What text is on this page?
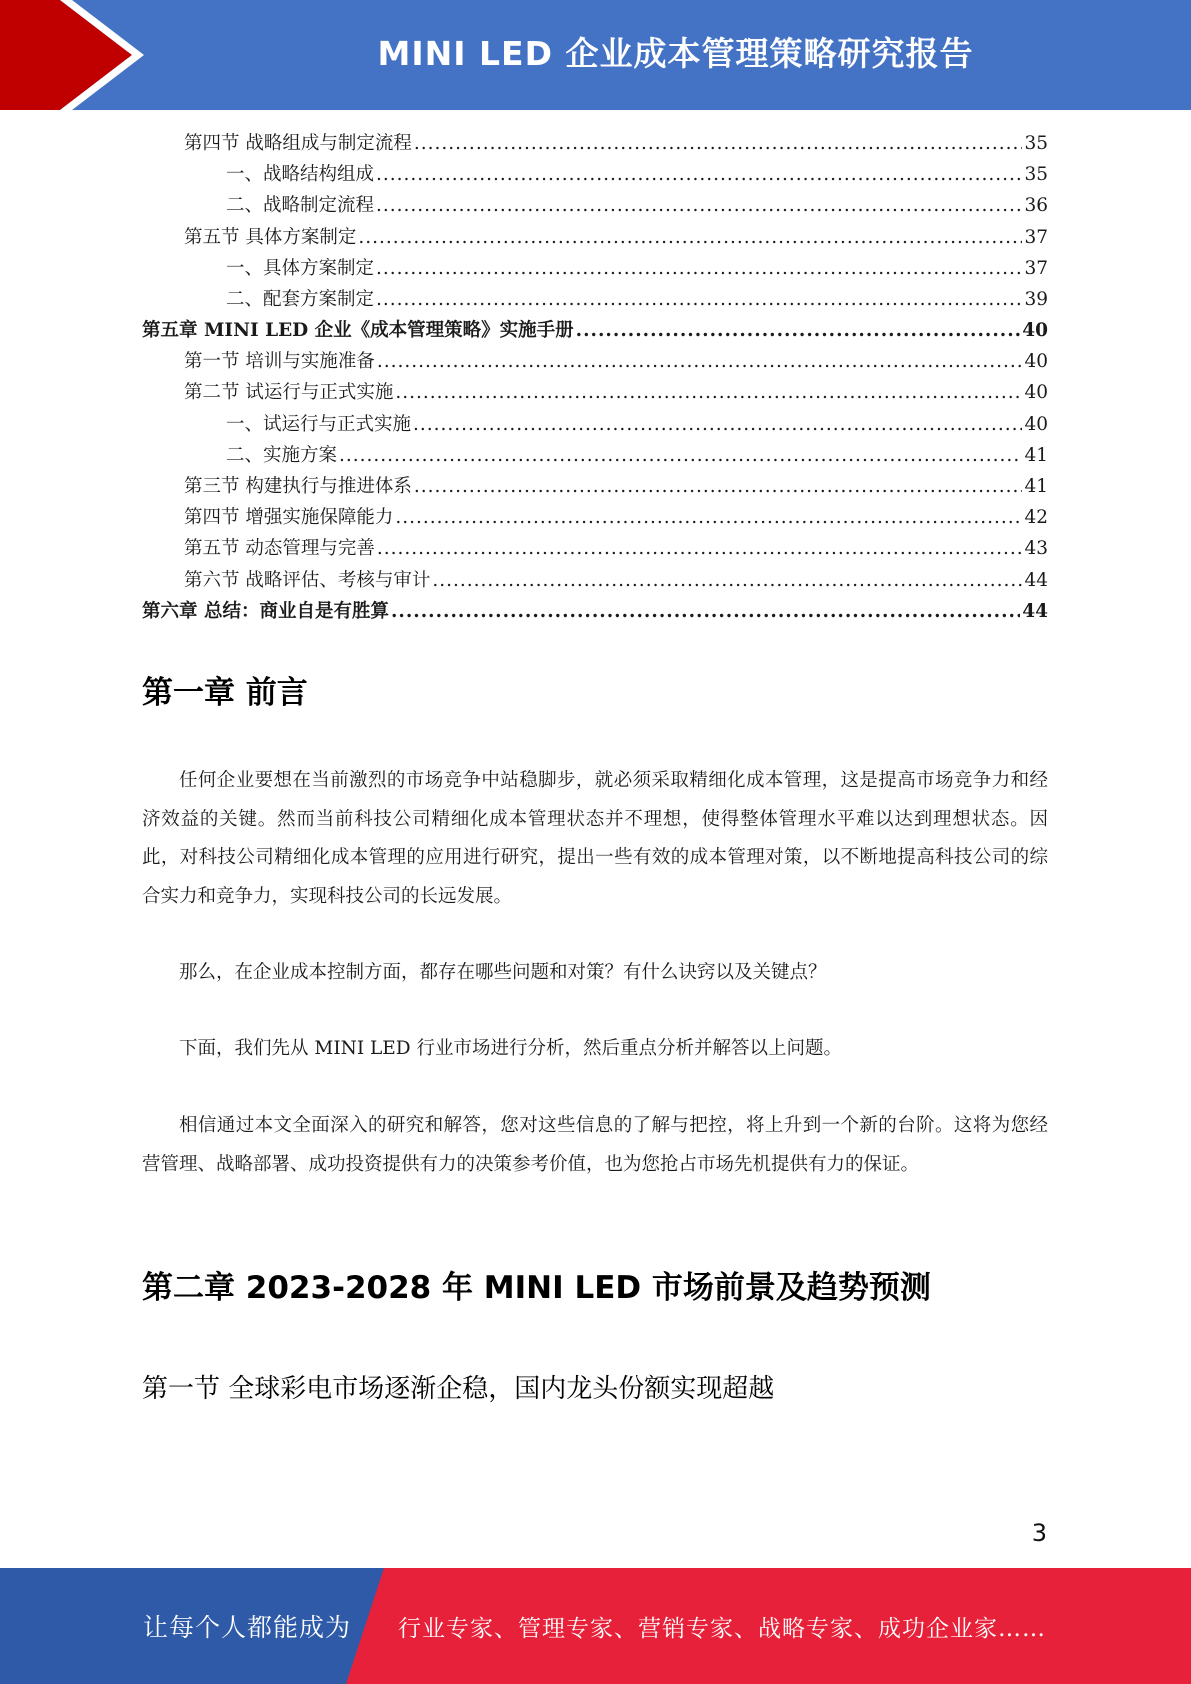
MINI LED 企业成本管理策略研究报告
第四节 战略组成与制定流程 .....	35
一、战略结构组成 .....	35
二、战略制定流程 .....	36
第五节 具体方案制定 .....	37
一、具体方案制定 .....	37
二、配套方案制定 .....	39
第五章 MINI LED 企业《成本管理策略》实施手册 .....	40
第一节 培训与实施准备 .....	40
第二节 试运行与正式实施 .....	40
一、试运行与正式实施 .....	40
二、实施方案 .....	41
第三节 构建执行与推进体系 .....	41
第四节 增强实施保障能力 .....	42
第五节 动态管理与完善 .....	43
第六节 战略评估、考核与审计 .....	44
第六章 总结：商业自是有胜算 .....	44
第一章 前言

任何企业要想在当前激烈的市场竞争中站稳脚步，就必须采取精细化成本管理，这是提高市场竞争力和经济效益的关键。然而当前科技公司精细化成本管理状态并不理想，使得整体管理水平难以达到理想状态。因此，对科技公司精细化成本管理的应用进行研究，提出一些有效的成本管理对策，以不断地提高科技公司的综合实力和竞争力，实现科技公司的长远发展。

那么，在企业成本控制方面，都存在哪些问题和对策？有什么诀窍以及关键点？

下面，我们先从 MINI LED 行业市场进行分析，然后重点分析并解答以上问题。

相信通过本文全面深入的研究和解答，您对这些信息的了解与把控，将上升到一个新的台阶。这将为您经营管理、战略部署、成功投资提供有力的决策参考价值，也为您抢占市场先机提供有力的保证。

第二章 2023-2028 年 MINI LED 市场前景及趋势预测
第一节 全球彩电市场逐渐企稳，国内龙头份额实现超越
3
让每个人都能成为 行业专家、管理专家、营销专家、战略专家、成功企业家……
